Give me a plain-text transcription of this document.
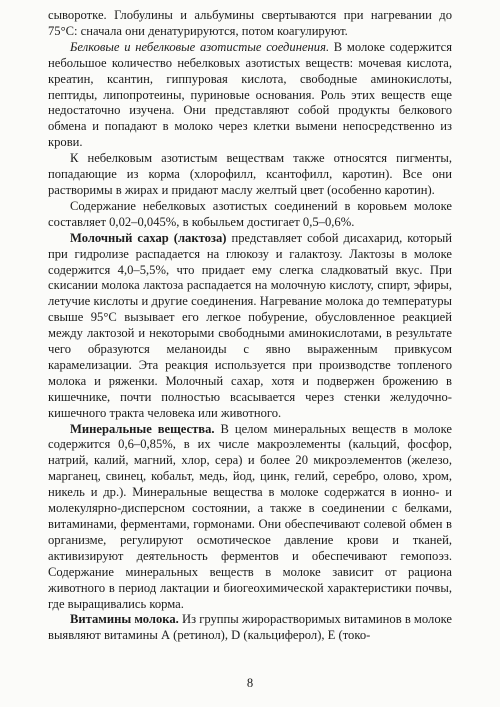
сыворотке. Глобулины и альбумины свертываются при нагревании до 75°С: сначала они денатурируются, потом коагулируют.

Белковые и небелковые азотистые соединения. В молоке содержится небольшое количество небелковых азотистых веществ: мочевая кислота, креатин, ксантин, гиппуровая кислота, свободные аминокислоты, пептиды, липопротеины, пуриновые основания. Роль этих веществ еще недостаточно изучена. Они представляют собой продукты белкового обмена и попадают в молоко через клетки вымени непосредственно из крови.

К небелковым азотистым веществам также относятся пигменты, попадающие из корма (хлорофилл, ксантофилл, каротин). Все они растворимы в жирах и придают маслу желтый цвет (особенно каротин).

Содержание небелковых азотистых соединений в коровьем молоке составляет 0,02–0,045%, в кобыльем достигает 0,5–0,6%.

Молочный сахар (лактоза) представляет собой дисахарид, который при гидролизе распадается на глюкозу и галактозу. Лактозы в молоке содержится 4,0–5,5%, что придает ему слегка сладковатый вкус. При скисании молока лактоза распадается на молочную кислоту, спирт, эфиры, летучие кислоты и другие соединения. Нагревание молока до температуры свыше 95°С вызывает его легкое побурение, обусловленное реакцией между лактозой и некоторыми свободными аминокислотами, в результате чего образуются меланоиды с явно выраженным привкусом карамелизации. Эта реакция используется при производстве топленого молока и ряженки. Молочный сахар, хотя и подвержен брожению в кишечнике, почти полностью всасывается через стенки желудочно-кишечного тракта человека или животного.

Минеральные вещества. В целом минеральных веществ в молоке содержится 0,6–0,85%, в их числе макроэлементы (кальций, фосфор, натрий, калий, магний, хлор, сера) и более 20 микроэлементов (железо, марганец, свинец, кобальт, медь, йод, цинк, гелий, серебро, олово, хром, никель и др.). Минеральные вещества в молоке содержатся в ионно- и молекулярно-дисперсном состоянии, а также в соединении с белками, витаминами, ферментами, гормонами. Они обеспечивают солевой обмен в организме, регулируют осмотическое давление крови и тканей, активизируют деятельность ферментов и обеспечивают гемопоэз. Содержание минеральных веществ в молоке зависит от рациона животного в период лактации и биогеохимической характеристики почвы, где выращивались корма.

Витамины молока. Из группы жирорастворимых витаминов в молоке выявляют витамины А (ретинол), D (кальциферол), Е (токо-

8
